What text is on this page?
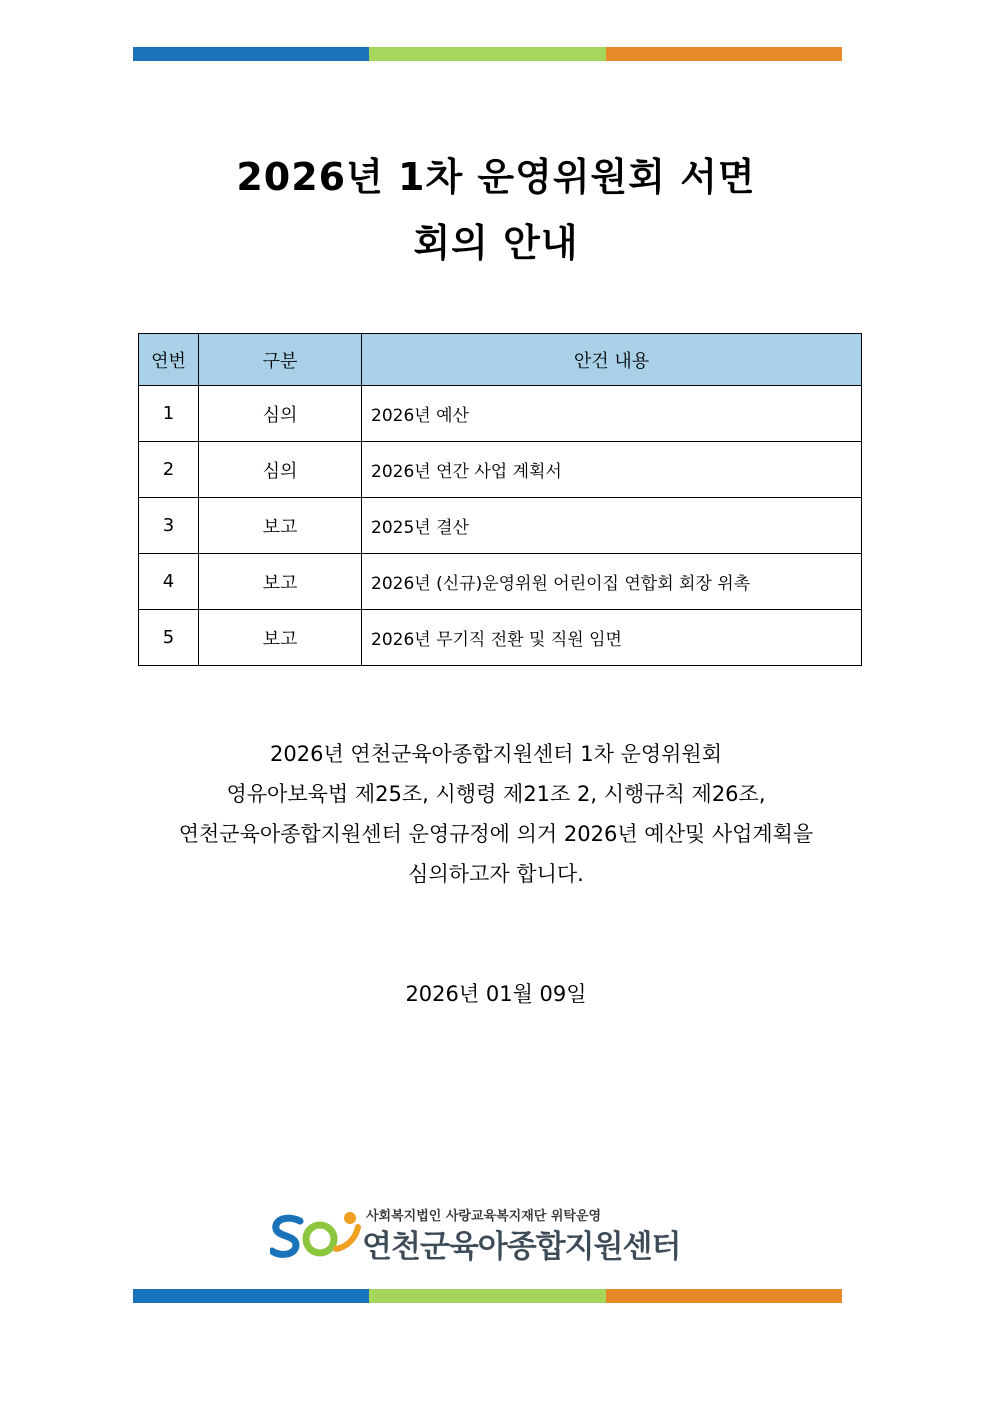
2026년 1차 운영위원회 서면
회의 안내
연번	구분	안건 내용
1	심의	2026년 예산
2	심의	2026년 연간 사업 계획서
3	보고	2025년 결산
4	보고	2026년 (신규)운영위원 어린이집 연합회 회장 위촉
5	보고	2026년 무기직 전환 및 직원 임면
2026년 연천군육아종합지원센터 1차 운영위원회
영유아보육법 제25조, 시행령 제21조 2, 시행규칙 제26조,
연천군육아종합지원센터 운영규정에 의거 2026년 예산및 사업계획을
심의하고자 합니다.
2026년 01월 09일
사회복지법인 사랑교육복지재단 위탁운영
연천군육아종합지원센터
